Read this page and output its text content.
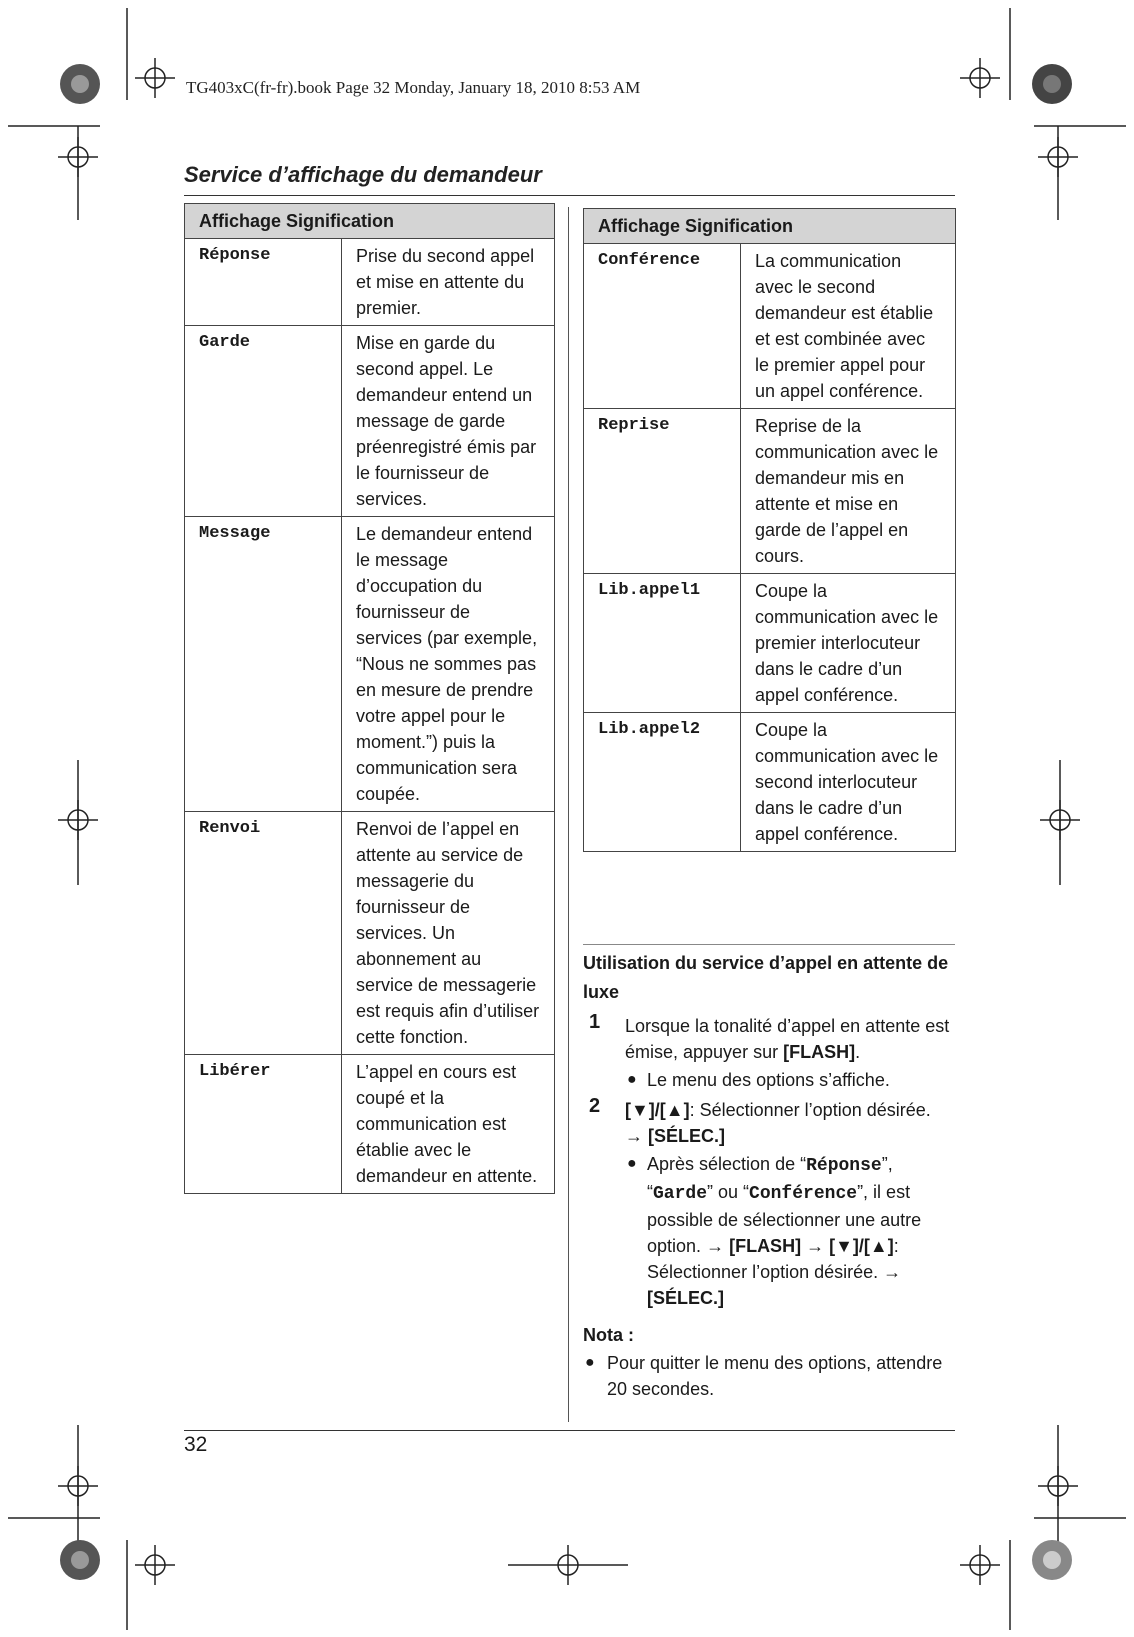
TG403xC(fr-fr).book Page 32 Monday, January 18, 2010 8:53 AM
Service d’affichage du demandeur
Affichage Signification	
Réponse	Prise du second appel et mise en attente du premier.
Garde	Mise en garde du second appel. Le demandeur entend un message de garde préenregistré émis par le fournisseur de services.
Message	Le demandeur entend le message d’occupation du fournisseur de services (par exemple, “Nous ne sommes pas en mesure de prendre votre appel pour le moment.”) puis la communication sera coupée.
Renvoi	Renvoi de l’appel en attente au service de messagerie du fournisseur de services. Un abonnement au service de messagerie est requis afin d’utiliser cette fonction.
Libérer	L’appel en cours est coupé et la communication est établie avec le demandeur en attente.
Affichage Signification	
Conférence	La communication avec le second demandeur est établie et est combinée avec le premier appel pour un appel conférence.
Reprise	Reprise de la communication avec le demandeur mis en attente et mise en garde de l’appel en cours.
Lib.appel1	Coupe la communication avec le premier interlocuteur dans le cadre d’un appel conférence.
Lib.appel2	Coupe la communication avec le second interlocuteur dans le cadre d’un appel conférence.
Utilisation du service d’appel en attente de luxe
1 Lorsque la tonalité d’appel en attente est émise, appuyer sur [FLASH].
● Le menu des options s’affiche.
2 [▼]/[▲]: Sélectionner l’option désirée.
→ [SÉLEC.]
● Après sélection de “Réponse”, “Garde” ou “Conférence”, il est possible de sélectionner une autre option. → [FLASH] → [▼]/[▲]: Sélectionner l’option désirée. → [SÉLEC.]
Nota :
● Pour quitter le menu des options, attendre 20 secondes.
32
